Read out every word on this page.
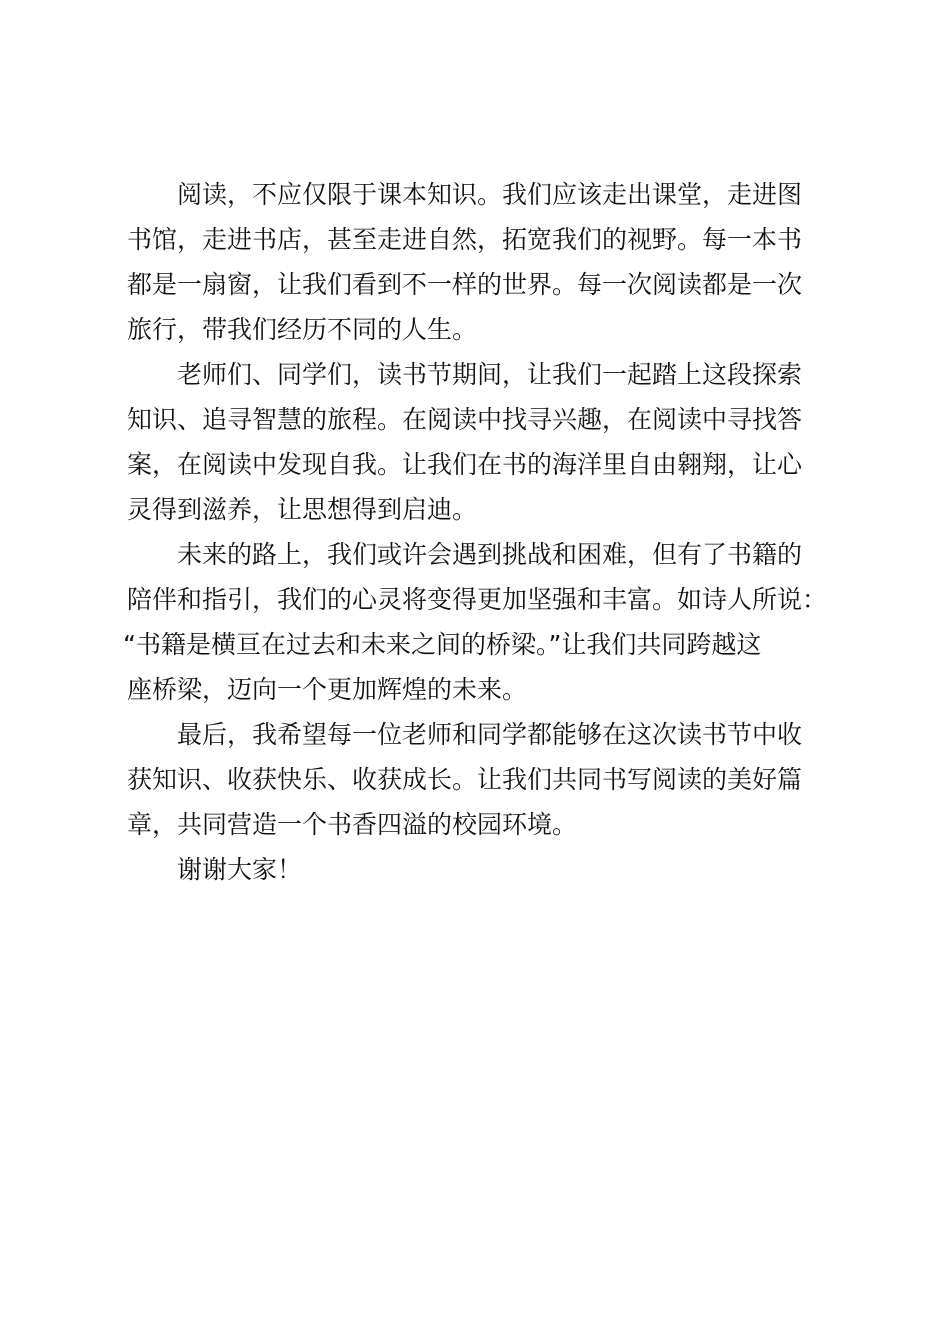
阅读，不应仅限于课本知识。我们应该走出课堂，走进图
书馆，走进书店，甚至走进自然，拓宽我们的视野。每一本书
都是一扇窗，让我们看到不一样的世界。每一次阅读都是一次
旅行，带我们经历不同的人生。
老师们、同学们，读书节期间，让我们一起踏上这段探索
知识、追寻智慧的旅程。在阅读中找寻兴趣，在阅读中寻找答
案，在阅读中发现自我。让我们在书的海洋里自由翱翔，让心
灵得到滋养，让思想得到启迪。
未来的路上，我们或许会遇到挑战和困难，但有了书籍的
陪伴和指引，我们的心灵将变得更加坚强和丰富。如诗人所说：
“书籍是横亘在过去和未来之间的桥梁。”让我们共同跨越这
座桥梁，迈向一个更加辉煌的未来。
最后，我希望每一位老师和同学都能够在这次读书节中收
获知识、收获快乐、收获成长。让我们共同书写阅读的美好篇
章，共同营造一个书香四溢的校园环境。
谢谢大家！
